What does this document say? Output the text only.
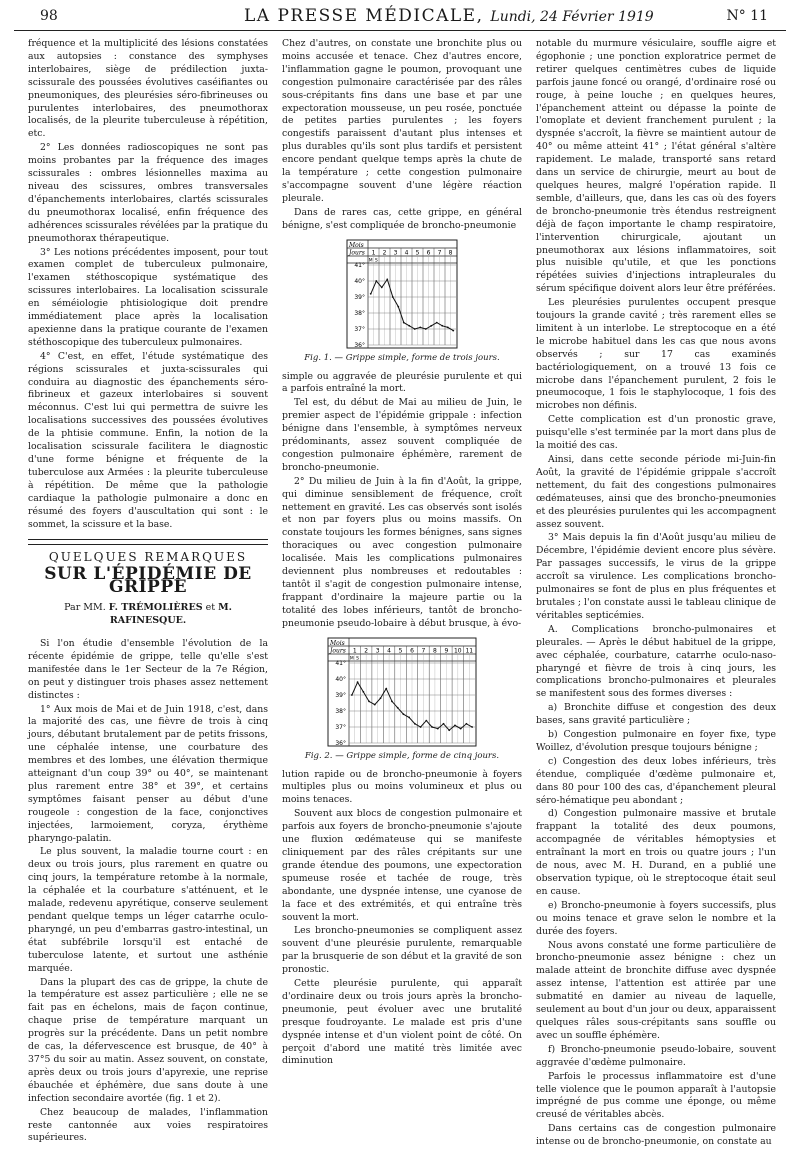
98	LA PRESSE MÉDICALE, Lundi, 24 Février 1919	N° 11

fréquence et la multiplicité des lésions constatées aux autopsies : constance des symphyses interlobaires, siège de prédilection juxta-scissurale des poussées évolutives caséifiantes ou pneumoniques, des pleurésies séro-fibrineuses ou purulentes interlobaires, des pneumothorax localisés, de la pleurite tuberculeuse à répétition, etc.

2° Les données radioscopiques ne sont pas moins probantes par la fréquence des images scissurales : ombres lésionnelles maxima au niveau des scissures, ombres transversales d'épanchements interlobaires, clartés scissurales du pneumothorax localisé, enfin fréquence des adhérences scissurales révélées par la pratique du pneumothorax thérapeutique.

3° Les notions précédentes imposent, pour tout examen complet de tuberculeux pulmonaire, l'examen stéthoscopique systématique des scissures interlobaires. La localisation scissurale en séméiologie phtisiologique doit prendre immédiatement place après la localisation apexienne dans la pratique courante de l'examen stéthoscopique des tuberculeux pulmonaires.

4° C'est, en effet, l'étude systématique des régions scissurales et juxta-scissurales qui conduira au diagnostic des épanchements séro-fibrineux et gazeux interlobaires si souvent méconnus. C'est lui qui permettra de suivre les localisations successives des poussées évolutives de la phtisie commune. Enfin, la notion de la localisation scissurale facilitera le diagnostic d'une forme bénigne et fréquente de la tuberculose aux Armées : la pleurite tuberculeuse à répétition. De même que la pathologie cardiaque la pathologie pulmonaire a donc en résumé des foyers d'auscultation qui sont : le sommet, la scissure et la base.

QUELQUES REMARQUES
SUR L'ÉPIDÉMIE DE GRIPPE
Par MM. F. TRÉMOLIÈRES et M. RAFINESQUE.

Si l'on étudie d'ensemble l'évolution de la récente épidémie de grippe, telle qu'elle s'est manifestée dans le 1er Secteur de la 7e Région, on peut y distinguer trois phases assez nettement distinctes :

1° Aux mois de Mai et de Juin 1918, c'est, dans la majorité des cas, une fièvre de trois à cinq jours, débutant brutalement par de petits frissons, une céphalée intense, une courbature des membres et des lombes, une élévation thermique atteignant d'un coup 39° ou 40°, se maintenant plus rarement entre 38° et 39°, et certains symptômes faisant penser au début d'une rougeole : congestion de la face, conjonctives injectées, larmoiement, coryza, érythème pharyngo-palatin.

Le plus souvent, la maladie tourne court : en deux ou trois jours, plus rarement en quatre ou cinq jours, la température retombe à la normale, la céphalée et la courbature s'atténuent, et le malade, redevenu apyrétique, conserve seulement pendant quelque temps un léger catarrhe oculo-pharyngé, un peu d'embarras gastro-intestinal, un état subfébrile lorsqu'il est entaché de tuberculose latente, et surtout une asthénie marquée.

Dans la plupart des cas de grippe, la chute de la température est assez particulière ; elle ne se fait pas en échelons, mais de façon continue, chaque prise de température marquant un progrès sur la précédente. Dans un petit nombre de cas, la défervescence est brusque, de 40° à 37°5 du soir au matin. Assez souvent, on constate, après deux ou trois jours d'apyrexie, une reprise ébauchée et éphémère, due sans doute à une infection secondaire avortée (fig. 1 et 2).

Chez beaucoup de malades, l'inflammation reste cantonnée aux voies respiratoires supérieures.

Chez d'autres, on constate une bronchite plus ou moins accusée et tenace. Chez d'autres encore, l'inflammation gagne le poumon, provoquant une congestion pulmonaire caractérisée par des râles sous-crépitants fins dans une base et par une expectoration mousseuse, un peu rosée, ponctuée de petites parties purulentes ; les foyers congestifs paraissent d'autant plus intenses et plus durables qu'ils sont plus tardifs et persistent encore pendant quelque temps après la chute de la température ; cette congestion pulmonaire s'accompagne souvent d'une légère réaction pleurale.

Dans de rares cas, cette grippe, en général bénigne, s'est compliquée de broncho-pneumonie

Mois
Jours 1 2 3 4 5 6 7 8
M S
41°
40°
39°
38°
37°
36°
Fig. 1. — Grippe simple, forme de trois jours.

simple ou aggravée de pleurésie purulente et qui a parfois entraîné la mort.

Tel est, du début de Mai au milieu de Juin, le premier aspect de l'épidémie grippale : infection bénigne dans l'ensemble, à symptômes nerveux prédominants, assez souvent compliquée de congestion pulmonaire éphémère, rarement de broncho-pneumonie.

2° Du milieu de Juin à la fin d'Août, la grippe, qui diminue sensiblement de fréquence, croît nettement en gravité. Les cas observés sont isolés et non par foyers plus ou moins massifs. On constate toujours les formes bénignes, sans signes thoraciques ou avec congestion pulmonaire localisée. Mais les complications pulmonaires deviennent plus nombreuses et redoutables : tantôt il s'agit de congestion pulmonaire intense, frappant d'ordinaire la majeure partie ou la totalité des lobes inférieurs, tantôt de broncho-pneumonie pseudo-lobaire à début brusque, à évo-

Mois
Jours 1 2 3 4 5 6 7 8 9 10 11
M S
41°
40°
39°
38°
37°
36°
Fig. 2. — Grippe simple, forme de cinq jours.

lution rapide ou de broncho-pneumonie à foyers multiples plus ou moins volumineux et plus ou moins tenaces.

Souvent aux blocs de congestion pulmonaire et parfois aux foyers de broncho-pneumonie s'ajoute une fluxion œdémateuse qui se manifeste cliniquement par des râles crépitants sur une grande étendue des poumons, une expectoration spumeuse rosée et tachée de rouge, très abondante, une dyspnée intense, une cyanose de la face et des extrémités, et qui entraîne très souvent la mort.

Les broncho-pneumonies se compliquent assez souvent d'une pleurésie purulente, remarquable par la brusquerie de son début et la gravité de son pronostic.

Cette pleurésie purulente, qui apparaît d'ordinaire deux ou trois jours après la broncho-pneumonie, peut évoluer avec une brutalité presque foudroyante. Le malade est pris d'une dyspnée intense et d'un violent point de côté. On perçoit d'abord une matité très limitée avec diminution

notable du murmure vésiculaire, souffle aigre et égophonie ; une ponction exploratrice permet de retirer quelques centimètres cubes de liquide parfois jaune foncé ou orangé, d'ordinaire rosé ou rouge, à peine louche ; en quelques heures, l'épanchement atteint ou dépasse la pointe de l'omoplate et devient franchement purulent ; la dyspnée s'accroît, la fièvre se maintient autour de 40° ou même atteint 41° ; l'état général s'altère rapidement. Le malade, transporté sans retard dans un service de chirurgie, meurt au bout de quelques heures, malgré l'opération rapide. Il semble, d'ailleurs, que, dans les cas où des foyers de broncho-pneumonie très étendus restreignent déjà de façon importante le champ respiratoire, l'intervention chirurgicale, ajoutant un pneumothorax aux lésions inflammatoires, soit plus nuisible qu'utile, et que les ponctions répétées suivies d'injections intrapleurales du sérum spécifique doivent alors leur être préférées.

Les pleurésies purulentes occupent presque toujours la grande cavité ; très rarement elles se limitent à un interlobe. Le streptocoque en a été le microbe habituel dans les cas que nous avons observés ; sur 17 cas examinés bactériologiquement, on a trouvé 13 fois ce microbe dans l'épanchement purulent, 2 fois le pneumocoque, 1 fois le staphylocoque, 1 fois des microbes non définis.

Cette complication est d'un pronostic grave, puisqu'elle s'est terminée par la mort dans plus de la moitié des cas.

Ainsi, dans cette seconde période mi-Juin-fin Août, la gravité de l'épidémie grippale s'accroît nettement, du fait des congestions pulmonaires œdémateuses, ainsi que des broncho-pneumonies et des pleurésies purulentes qui les accompagnent assez souvent.

3° Mais depuis la fin d'Août jusqu'au milieu de Décembre, l'épidémie devient encore plus sévère. Par passages successifs, le virus de la grippe accroît sa virulence. Les complications broncho-pulmonaires se font de plus en plus fréquentes et brutales ; l'on constate aussi le tableau clinique de véritables septicémies.

A. Complications broncho-pulmonaires et pleurales. — Après le début habituel de la grippe, avec céphalée, courbature, catarrhe oculo-naso-pharyngé et fièvre de trois à cinq jours, les complications broncho-pulmonaires et pleurales se manifestent sous des formes diverses :

a) Bronchite diffuse et congestion des deux bases, sans gravité particulière ;

b) Congestion pulmonaire en foyer fixe, type Woillez, d'évolution presque toujours bénigne ;

c) Congestion des deux lobes inférieurs, très étendue, compliquée d'œdème pulmonaire et, dans 80 pour 100 des cas, d'épanchement pleural séro-hématique peu abondant ;

d) Congestion pulmonaire massive et brutale frappant la totalité des deux poumons, accompagnée de véritables hémoptysies et entraînant la mort en trois ou quatre jours ; l'un de nous, avec M. H. Durand, en a publié une observation typique, où le streptocoque était seul en cause.

e) Broncho-pneumonie à foyers successifs, plus ou moins tenace et grave selon le nombre et la durée des foyers.

Nous avons constaté une forme particulière de broncho-pneumonie assez bénigne : chez un malade atteint de bronchite diffuse avec dyspnée assez intense, l'attention est attirée par une submatité en damier au niveau de laquelle, seulement au bout d'un jour ou deux, apparaissent quelques râles sous-crépitants sans souffle ou avec un souffle éphémère.

f) Broncho-pneumonie pseudo-lobaire, souvent aggravée d'œdème pulmonaire.

Parfois le processus inflammatoire est d'une telle violence que le poumon apparaît à l'autopsie imprégné de pus comme une éponge, ou même creusé de véritables abcès.

Dans certains cas de congestion pulmonaire intense ou de broncho-pneumonie, on constate au
